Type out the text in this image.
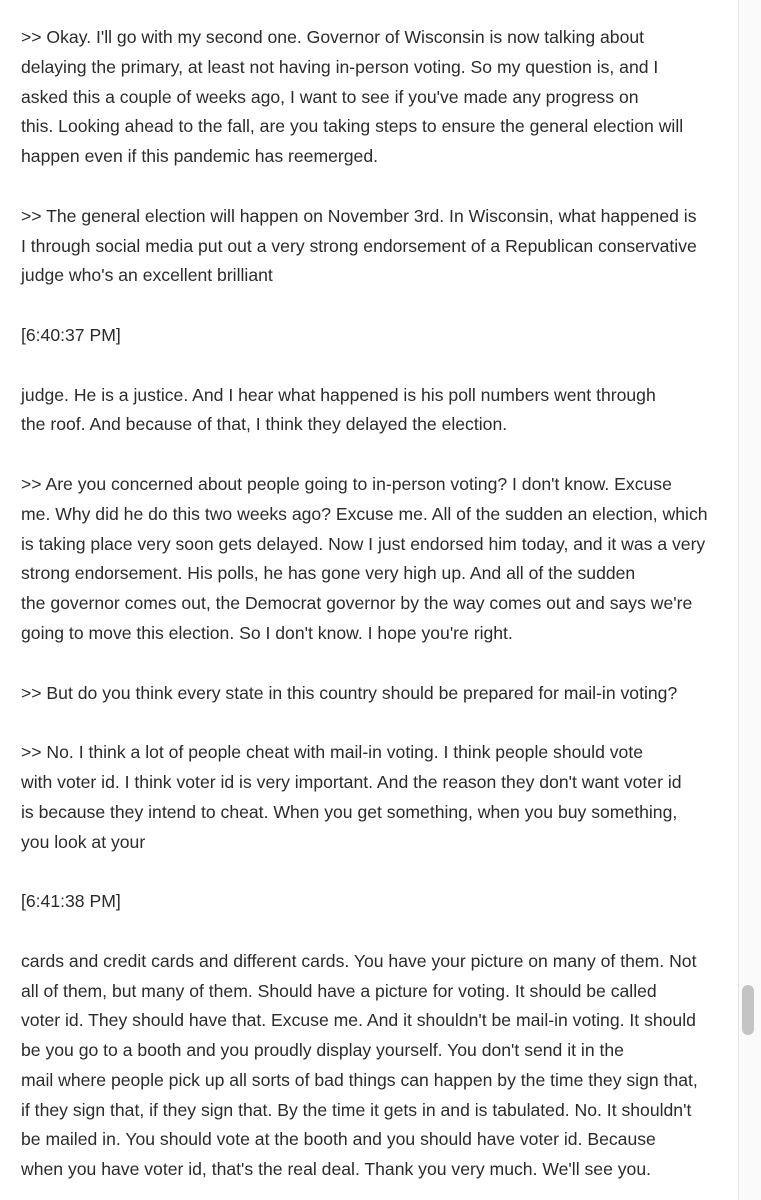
>> Okay. I'll go with my second one. Governor of Wisconsin is now talking about
delaying the primary, at least not having in-person voting. So my question is, and I
asked this a couple of weeks ago, I want to see if you've made any progress on
this. Looking ahead to the fall, are you taking steps to ensure the general election will
happen even if this pandemic has reemerged.
>> The general election will happen on November 3rd. In Wisconsin, what happened is
I through social media put out a very strong endorsement of a Republican conservative
judge who's an excellent brilliant
[6:40:37 PM]
judge. He is a justice. And I hear what happened is his poll numbers went through
the roof. And because of that, I think they delayed the election.
>> Are you concerned about people going to in-person voting? I don't know. Excuse
me. Why did he do this two weeks ago? Excuse me. All of the sudden an election, which
is taking place very soon gets delayed. Now I just endorsed him today, and it was a very
strong endorsement. His polls, he has gone very high up. And all of the sudden
the governor comes out, the Democrat governor by the way comes out and says we're
going to move this election. So I don't know. I hope you're right.
>> But do you think every state in this country should be prepared for mail-in voting?
>> No. I think a lot of people cheat with mail-in voting. I think people should vote
with voter id. I think voter id is very important. And the reason they don't want voter id
is because they intend to cheat. When you get something, when you buy something,
you look at your
[6:41:38 PM]
cards and credit cards and different cards. You have your picture on many of them. Not
all of them, but many of them. Should have a picture for voting. It should be called
voter id. They should have that. Excuse me. And it shouldn't be mail-in voting. It should
be you go to a booth and you proudly display yourself. You don't send it in the
mail where people pick up all sorts of bad things can happen by the time they sign that,
if they sign that, if they sign that. By the time it gets in and is tabulated. No. It shouldn't
be mailed in. You should vote at the booth and you should have voter id. Because
when you have voter id, that's the real deal. Thank you very much. We'll see you.
